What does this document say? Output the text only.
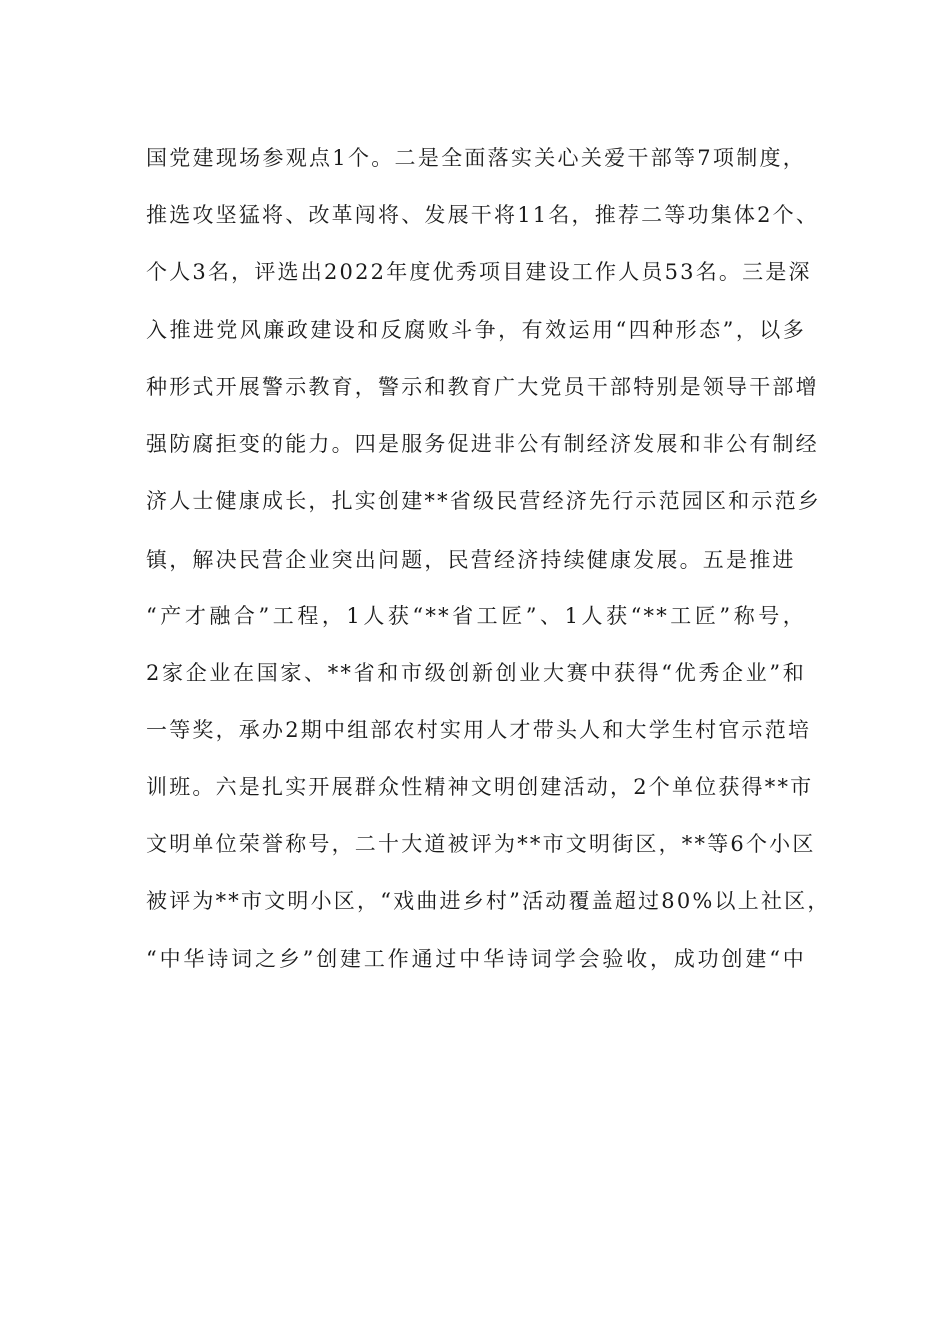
国党建现场参观点1个。二是全面落实关心关爱干部等7项制度，
推选攻坚猛将、改革闯将、发展干将11名，推荐二等功集体2个、
个人3名，评选出2022年度优秀项目建设工作人员53名。三是深
入推进党风廉政建设和反腐败斗争，有效运用“四种形态”，以多
种形式开展警示教育，警示和教育广大党员干部特别是领导干部增
强防腐拒变的能力。四是服务促进非公有制经济发展和非公有制经
济人士健康成长，扎实创建**省级民营经济先行示范园区和示范乡
镇，解决民营企业突出问题，民营经济持续健康发展。五是推进
“产才融合”工程，1人获“**省工匠”、1人获“**工匠”称号，
2家企业在国家、**省和市级创新创业大赛中获得“优秀企业”和
一等奖，承办2期中组部农村实用人才带头人和大学生村官示范培
训班。六是扎实开展群众性精神文明创建活动，2个单位获得**市
文明单位荣誉称号，二十大道被评为**市文明街区，**等6个小区
被评为**市文明小区，“戏曲进乡村”活动覆盖超过80%以上社区，
“中华诗词之乡”创建工作通过中华诗词学会验收，成功创建“中
